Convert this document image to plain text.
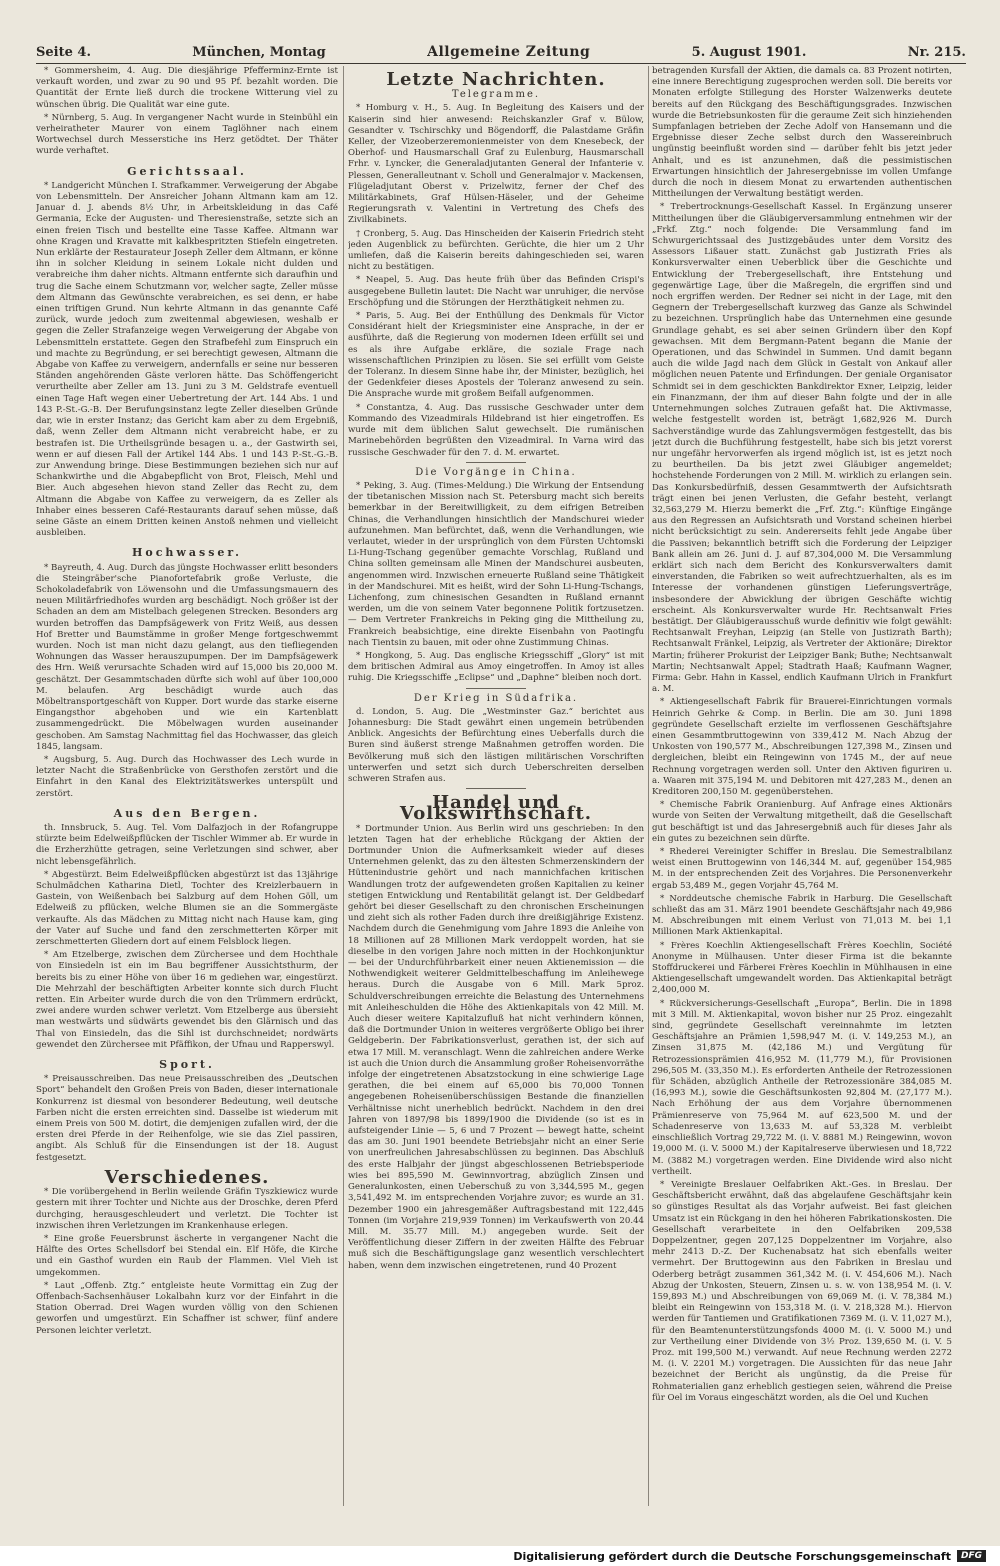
Seite 4.	München, Montag	Allgemeine Zeitung	5. August 1901.	Nr. 215.

* Gommersheim, 4. Aug. Die diesjährige Pfefferminz-Ernte ist verkauft worden, und zwar zu 90 und 95 Pf. bezahlt worden. Die Quantität der Ernte ließ durch die trockene Witterung viel zu wünschen übrig. Die Qualität war eine gute.

* Nürnberg, 5. Aug. In vergangener Nacht wurde in Steinbühl ein verheiratheter Maurer von einem Taglöhner nach einem Wortwechsel durch Messerstiche ins Herz getödtet. Der Thäter wurde verhaftet.

Gerichtssaal.

* Landgericht München I. Strafkammer. Verweigerung der Abgabe von Lebensmitteln. Der Ansreicher Johann Altmann kam am 12. Januar d. J. abends 8½ Uhr, in Arbeitskleidung in das Café Germania, Ecke der Augusten- und Theresienstraße, setzte sich an einen freien Tisch und bestellte eine Tasse Kaffee. Altmann war ohne Kragen und Kravatte mit kalkbespritzten Stiefeln eingetreten. Nun erklärte der Restaurateur Joseph Zeller dem Altmann, er könne ihn in solcher Kleidung in seinem Lokale nicht dulden und verabreiche ihm daher nichts. Altmann entfernte sich daraufhin und trug die Sache einem Schutzmann vor, welcher sagte, Zeller müsse dem Altmann das Gewünschte verabreichen, es sei denn, er habe einen triftigen Grund. Nun kehrte Altmann in das genannte Café zurück, wurde jedoch zum zweitenmal abgewiesen, weshalb er gegen die Zeller Strafanzeige wegen Verweigerung der Abgabe von Lebensmitteln erstattete. Gegen den Strafbefehl zum Einspruch ein und machte zu Begründung, er sei berechtigt gewesen, Altmann die Abgabe von Kaffee zu verweigern, andernfalls er seine nur besseren Ständen angehörenden Gäste verloren hätte. Das Schöffengericht verurtheilte aber Zeller am 13. Juni zu 3 M. Geldstrafe eventuell einen Tage Haft wegen einer Uebertretung der Art. 144 Abs. 1 und 143 P.-St.-G.-B. Der Berufungsinstanz legte Zeller dieselben Gründe dar, wie in erster Instanz; das Gericht kam aber zu dem Ergebniß, daß, wenn Zeller dem Altmann nicht verabreicht habe, er zu bestrafen ist. Die Urtheilsgründe besagen u. a., der Gastwirth sei, wenn er auf diesen Fall der Artikel 144 Abs. 1 und 143 P.-St.-G.-B. zur Anwendung bringe. Diese Bestimmungen beziehen sich nur auf Schankwirthe und die Abgabepflicht von Brot, Fleisch, Mehl und Bier. Auch abgesehen hievon stand Zeller das Recht zu, dem Altmann die Abgabe von Kaffee zu verweigern, da es Zeller als Inhaber eines besseren Café-Restaurants darauf sehen müsse, daß seine Gäste an einem Dritten keinen Anstoß nehmen und vielleicht ausbleiben.

Hochwasser.

* Bayreuth, 4. Aug. Durch das jüngste Hochwasser erlitt besonders die Steingräber'sche Pianofortefabrik große Verluste, die Schokoladefabrik von Löwensohn und die Umfassungsmauern des neuen Militärfriedhofes wurden arg beschädigt. Noch größer ist der Schaden an dem am Mistelbach gelegenen Strecken. Besonders arg wurden betroffen das Dampfsägewerk von Fritz Weiß, aus dessen Hof Bretter und Baumstämme in großer Menge fortgeschwemmt wurden. Noch ist man nicht dazu gelangt, aus den tiefliegenden Wohnungen das Wasser herauszupumpen. Der im Dampfsägewerk des Hrn. Weiß verursachte Schaden wird auf 15,000 bis 20,000 M. geschätzt. Der Gesammtschaden dürfte sich wohl auf über 100,000 M. belaufen. Arg beschädigt wurde auch das Möbeltransportgeschäft von Kupper. Dort wurde das starke eiserne Eingangsthor abgehoben und wie ein Kartenblatt zusammengedrückt. Die Möbelwagen wurden auseinander geschoben. Am Samstag Nachmittag fiel das Hochwasser, das gleich 1845, langsam.

* Augsburg, 5. Aug. Durch das Hochwasser des Lech wurde in letzter Nacht die Straßenbrücke von Gersthofen zerstört und die Einfahrt in den Kanal des Elektrizitätswerkes unterspült und zerstört.

Aus den Bergen.

th. Innsbruck, 5. Aug. Tel. Vom Dalfazjoch in der Rofangruppe stürzte beim Edelweißpflücken der Tischler Wimmer ab. Er wurde in die Erzherzhütte getragen, seine Verletzungen sind schwer, aber nicht lebensgefährlich.

* Abgestürzt. Beim Edelweißpflücken abgestürzt ist das 13jährige Schulmädchen Katharina Dietl, Tochter des Kreizlerbauern in Gastein, von Weißenbach bei Salzburg auf dem Hohen Göll, um Edelweiß zu pflücken, welche Blumen sie an die Sommergäste verkaufte. Als das Mädchen zu Mittag nicht nach Hause kam, ging der Vater auf Suche und fand den zerschmetterten Körper mit zerschmetterten Gliedern dort auf einem Felsblock liegen.

* Am Etzelberge, zwischen dem Zürchersee und dem Hochthale von Einsiedeln ist ein im Bau begriffener Aussichtsthurm, der bereits bis zu einer Höhe von über 16 m gediehen war, eingestürzt. Die Mehrzahl der beschäftigten Arbeiter konnte sich durch Flucht retten. Ein Arbeiter wurde durch die von den Trümmern erdrückt, zwei andere wurden schwer verletzt. Vom Etzelberge aus übersieht man westwärts und südwärts gewendet bis den Glärnisch und das Thal von Einsiedeln, das die Sihl ist durchschneidet; nordwärts gewendet den Zürchersee mit Pfäffikon, der Ufnau und Rapperswyl.

Sport.

* Preisausschreiben. Das neue Preisausschreiben des „Deutschen Sport“ behandelt den Großen Preis von Baden, dieser internationale Konkurrenz ist diesmal von besonderer Bedeutung, weil deutsche Farben nicht die ersten erreichten sind. Dasselbe ist wiederum mit einem Preis von 500 M. dotirt, die demjenigen zufallen wird, der die ersten drei Pferde in der Reihenfolge, wie sie das Ziel passiren, angibt. Als Schluß für die Einsendungen ist der 18. August festgesetzt.

Verschiedenes.

* Die vorübergehend in Berlin weilende Gräfin Tyszkiewicz wurde gestern mit ihrer Tochter und Nichte aus der Droschke, deren Pferd durchging, herausgeschleudert und verletzt. Die Tochter ist inzwischen ihren Verletzungen im Krankenhause erlegen.

* Eine große Feuersbrunst äscherte in vergangener Nacht die Hälfte des Ortes Schellsdorf bei Stendal ein. Elf Höfe, die Kirche und ein Gasthof wurden ein Raub der Flammen. Viel Vieh ist umgekommen.

* Laut „Offenb. Ztg.“ entgleiste heute Vormittag ein Zug der Offenbach-Sachsenhäuser Lokalbahn kurz vor der Einfahrt in die Station Oberrad. Drei Wagen wurden völlig von den Schienen geworfen und umgestürzt. Ein Schaffner ist schwer, fünf andere Personen leichter verletzt.

Letzte Nachrichten.
Telegramme.

* Homburg v. H., 5. Aug. In Begleitung des Kaisers und der Kaiserin sind hier anwesend: Reichskanzler Graf v. Bülow, Gesandter v. Tschirschky und Bögendorff, die Palastdame Gräfin Keller, der Vizeoberzeremonienmeister von dem Knesebeck, der Oberhof- und Hausmarschall Graf zu Eulenburg, Hausmarschall Frhr. v. Lyncker, die Generaladjutanten General der Infanterie v. Plessen, Generalleutnant v. Scholl und Generalmajor v. Mackensen, Flügeladjutant Oberst v. Prizelwitz, ferner der Chef des Militärkabinets, Graf Hülsen-Häseler, und der Geheime Regierungsrath v. Valentini in Vertretung des Chefs des Zivilkabinets.

† Cronberg, 5. Aug. Das Hinscheiden der Kaiserin Friedrich steht jeden Augenblick zu befürchten. Gerüchte, die hier um 2 Uhr umliefen, daß die Kaiserin bereits dahingeschieden sei, waren nicht zu bestätigen.

* Neapel, 5. Aug. Das heute früh über das Befinden Crispi's ausgegebene Bulletin lautet: Die Nacht war unruhiger, die nervöse Erschöpfung und die Störungen der Herzthätigkeit nehmen zu.

* Paris, 5. Aug. Bei der Enthüllung des Denkmals für Victor Considérant hielt der Kriegsminister eine Ansprache, in der er ausführte, daß die Regierung von modernen Ideen erfüllt sei und es als ihre Aufgabe erkläre, die soziale Frage nach wissenschaftlichen Prinzipien zu lösen. Sie sei erfüllt vom Geiste der Toleranz. In diesem Sinne habe ihr, der Minister, bezüglich, hei der Gedenkfeier dieses Apostels der Toleranz anwesend zu sein. Die Ansprache wurde mit großem Beifall aufgenommen.

* Constantza, 4. Aug. Das russische Geschwader unter dem Kommando des Vizeadmirals Hildebrand ist hier eingetroffen. Es wurde mit dem üblichen Salut gewechselt. Die rumänischen Marinebehörden begrüßten den Vizeadmiral. In Varna wird das russische Geschwader für den 7. d. M. erwartet.

Die Vorgänge in China.

* Peking, 3. Aug. (Times-Meldung.) Die Wirkung der Entsendung der tibetanischen Mission nach St. Petersburg macht sich bereits bemerkbar in der Bereitwilligkeit, zu dem eifrigen Betreiben Chinas, die Verhandlungen hinsichtlich der Mandschurei wieder aufzunehmen. Man befürchtet, daß, wenn die Verhandlungen, wie verlautet, wieder in der ursprünglich von dem Fürsten Uchtomski Li-Hung-Tschang gegenüber gemachte Vorschlag, Rußland und China sollten gemeinsam alle Minen der Mandschurei ausbeuten, angenommen wird. Inzwischen erneuerte Rußland seine Thätigkeit in der Mandschurei. Mit es heißt, wird der Sohn Li-Hung-Tschangs, Lichenfong, zum chinesischen Gesandten in Rußland ernannt werden, um die von seinem Vater begonnene Politik fortzusetzen. — Dem Vertreter Frankreichs in Peking ging die Mittheilung zu, Frankreich beabsichtige, eine direkte Eisenbahn von Paotingfu nach Tientsin zu bauen, mit oder ohne Zustimmung Chinas.

* Hongkong, 5. Aug. Das englische Kriegsschiff „Glory“ ist mit dem britischen Admiral aus Amoy eingetroffen. In Amoy ist alles ruhig. Die Kriegsschiffe „Eclipse“ und „Daphne“ bleiben noch dort.

Der Krieg in Südafrika.

d. London, 5. Aug. Die „Westminster Gaz.“ berichtet aus Johannesburg: Die Stadt gewährt einen ungemein betrübenden Anblick. Angesichts der Befürchtung eines Ueberfalls durch die Buren sind äußerst strenge Maßnahmen getroffen worden. Die Bevölkerung muß sich den lästigen militärischen Vorschriften unterwerfen und setzt sich durch Ueberschreiten derselben schweren Strafen aus.

Handel und Volkswirthschaft.

* Dortmunder Union. Aus Berlin wird uns geschrieben: In den letzten Tagen hat der erhebliche Rückgang der Aktien der Dortmunder Union die Aufmerksamkeit wieder auf dieses Unternehmen gelenkt, das zu den ältesten Schmerzenskindern der Hüttenindustrie gehört und nach mannichfachen kritischen Wandlungen trotz der aufgewendeten großen Kapitalien zu keiner stetigen Entwicklung und Rentabilität gelangt ist. Der Geldbedarf gehört bei dieser Gesellschaft zu den chronischen Erscheinungen und zieht sich als rother Faden durch ihre dreißigjährige Existenz. Nachdem durch die Genehmigung vom Jahre 1893 die Anleihe von 18 Millionen auf 28 Millionen Mark verdoppelt worden, hat sie dieselbe in den vorigen Jahre noch mitten in der Hochkonjunktur — bei der Undurchführbarkeit einer neuen Aktienemission — die Nothwendigkeit weiterer Geldmittelbeschaffung im Anleihewege heraus. Durch die Ausgabe von 6 Mill. Mark 5proz. Schuldverschreibungen erreichte die Belastung des Unternehmens mit Anleiheschulden die Höhe des Aktienkapitals von 42 Mill. M. Auch dieser weitere Kapitalzufluß hat nicht verhindern können, daß die Dortmunder Union in weiteres vergrößerte Obligo bei ihrer Geldgeberin. Der Fabrikationsverlust, gerathen ist, der sich auf etwa 17 Mill. M. veranschlagt. Wenn die zahlreichen andere Werke ist auch die Union durch die Ansammlung großer Roheisenvorräthe infolge der eingetretenen Absatzstockung in eine schwierige Lage gerathen, die bei einem auf 65,000 bis 70,000 Tonnen angegebenen Roheisenüberschüssigen Bestande die finanziellen Verhältnisse nicht unerheblich bedrückt. Nachdem in den drei Jahren von 1897/98 bis 1899/1900 die Dividende (so ist es in aufsteigender Linie — 5, 6 und 7 Prozent — bewegt hatte, scheint das am 30. Juni 1901 beendete Betriebsjahr nicht an einer Serie von unerfreulichen Jahresabschlüssen zu beginnen. Das Abschluß des erste Halbjahr der jüngst abgeschlossenen Betriebsperiode wies bei 895,590 M. Gewinnvortrag, abzüglich Zinsen und Generalunkosten, einen Ueberschuß zu von 3,344,595 M., gegen 3,541,492 M. im entsprechenden Vorjahre zuvor; es wurde an 31. Dezember 1900 ein jahresgemäßer Auftragsbestand mit 122,445 Tonnen (im Vorjahre 219,939 Tonnen) im Verkaufswerth von 20.44 Mill. M. 35.77 Mill. M.) angegeben wurde. Seit der Veröffentlichung dieser Ziffern in der zweiten Hälfte des Februar muß sich die Beschäftigungslage ganz wesentlich verschlechtert haben, wenn dem inzwischen eingetretenen, rund 40 Prozent

betragenden Kursfall der Aktien, die damals ca. 83 Prozent notirten, eine innere Berechtigung zugesprochen werden soll. Die bereits vor Monaten erfolgte Stillegung des Horster Walzenwerks deutete bereits auf den Rückgang des Beschäftigungsgrades. Inzwischen wurde die Betriebsunkosten für die geraume Zeit sich hinziehenden Sumpfanlagen betrieben der Zeche Adolf von Hansemann und die Ergebnisse dieser Zeche selbst durch den Wassereinbruch ungünstig beeinflußt worden sind — darüber fehlt bis jetzt jeder Anhalt, und es ist anzunehmen, daß die pessimistischen Erwartungen hinsichtlich der Jahresergebnisse im vollen Umfange durch die noch in diesem Monat zu erwartenden authentischen Mittheilungen der Verwaltung bestätigt werden.

* Trebertrocknungs-Gesellschaft Kassel. In Ergänzung unserer Mittheilungen über die Gläubigerversammlung entnehmen wir der „Frkf. Ztg.“ noch folgende: Die Versammlung fand im Schwurgerichtssaal des Justizgebäudes unter dem Vorsitz des Assessors Lißauer statt. Zunächst gab Justizrath Fries als Konkursverwalter einen Ueberblick über die Geschichte und Entwicklung der Trebergesellschaft, ihre Entstehung und gegenwärtige Lage, über die Maßregeln, die ergriffen sind und noch ergriffen werden. Der Redner sei nicht in der Lage, mit den Gegnern der Trebergesellschaft kurzweg das Ganze als Schwindel zu bezeichnen. Ursprünglich habe das Unternehmen eine gesunde Grundlage gehabt, es sei aber seinen Gründern über den Kopf gewachsen. Mit dem Bergmann-Patent begann die Manie der Operationen, und das Schwindel in Summen. Und damit begann auch die wilde Jagd nach dem Glück in Gestalt von Ankauf aller möglichen neuen Patente und Erfindungen. Der geniale Organisator Schmidt sei in dem geschickten Bankdirektor Exner, Leipzig, leider ein Finanzmann, der ihm auf dieser Bahn folgte und der in alle Unternehmungen solches Zutrauen gefaßt hat. Die Aktivmasse, welche festgestellt worden ist, beträgt 1,682,926 M. Durch Sachverständige wurde das Zahlungsvermögen festgestellt, das bis jetzt durch die Buchführung festgestellt, habe sich bis jetzt vorerst nur ungefähr hervorwerfen als irgend möglich ist, ist es jetzt noch zu beurtheilen. Da bis jetzt zwei Gläubiger angemeldet; hochstehende Forderungen von 2 Mill. M. wirklich zu erlangen sein. Das Konkursbedürfniß, dessen Gesammtwerth der Aufsichtsrath trägt einen bei jenen Verlusten, die Gefahr besteht, verlangt 32,563,279 M. Hierzu bemerkt die „Frf. Ztg.“: Künftige Eingänge aus den Regressen an Aufsichtsrath und Vorstand scheinen hierbei nicht berücksichtigt zu sein. Andererseits fehlt jede Angabe über die Passiven; bekanntlich betrifft sich die Forderung der Leipziger Bank allein am 26. Juni d. J. auf 87,304,000 M. Die Versammlung erklärt sich nach dem Bericht des Konkursverwalters damit einverstanden, die Fabriken so weit aufrechtzuerhalten, als es im Interesse der vorhandenen günstigen Lieferungsverträge, insbesondere der Abwicklung der übrigen Geschäfte wichtig erscheint. Als Konkursverwalter wurde Hr. Rechtsanwalt Fries bestätigt. Der Gläubigerausschuß wurde definitiv wie folgt gewählt: Rechtsanwalt Freyhan, Leipzig (an Stelle von Justizrath Barth); Rechtsanwalt Fränkel, Leipzig, als Vertreter der Aktionäre; Direktor Martin; früherer Prokurist der Leipziger Bank; Buthe; Nechtsanwalt Martin; Nechtsanwalt Appel; Stadtrath Haaß; Kaufmann Wagner, Firma: Gebr. Hahn in Kassel, endlich Kaufmann Ulrich in Frankfurt a. M.

* Aktiengesellschaft Fabrik für Brauerei-Einrichtungen vormals Heinrich Gehrke & Comp. in Berlin. Die am 30. Juni 1898 gegründete Gesellschaft erzielte im verflossenen Geschäftsjahre einen Gesammtbruttogewinn von 339,412 M. Nach Abzug der Unkosten von 190,577 M., Abschreibungen 127,398 M., Zinsen und dergleichen, bleibt ein Reingewinn von 1745 M., der auf neue Rechnung vorgetragen werden soll. Unter den Aktiven figuriren u. a. Waaren mit 375,194 M. und Debitoren mit 427,283 M., denen an Kreditoren 200,150 M. gegenüberstehen.

* Chemische Fabrik Oranienburg. Auf Anfrage eines Aktionärs wurde von Seiten der Verwaltung mitgetheilt, daß die Gesellschaft gut beschäftigt ist und das Jahresergebniß auch für dieses Jahr als ein gutes zu bezeichnen sein dürfte.

* Rhederei Vereinigter Schiffer in Breslau. Die Semestralbilanz weist einen Bruttogewinn von 146,344 M. auf, gegenüber 154,985 M. in der entsprechenden Zeit des Vorjahres. Die Personenverkehr ergab 53,489 M., gegen Vorjahr 45,764 M.

* Norddeutsche chemische Fabrik in Harburg. Die Gesellschaft schließt das am 31. März 1901 beendete Geschäftsjahr nach 49,986 M. Abschreibungen mit einem Verlust von 71,013 M. bei 1,1 Millionen Mark Aktienkapital.

* Frères Koechlin Aktiengesellschaft Frères Koechlin, Société Anonyme in Mülhausen. Unter dieser Firma ist die bekannte Stoffdruckerei und Färberei Frères Koechlin in Mühlhausen in eine Aktiengesellschaft umgewandelt worden. Das Aktienkapital beträgt 2,400,000 M.

* Rückversicherungs-Gesellschaft „Europa“, Berlin. Die in 1898 mit 3 Mill. M. Aktienkapital, wovon bisher nur 25 Proz. eingezahlt sind, gegründete Gesellschaft vereinnahmte im letzten Geschäftsjahre an Prämien 1,598,947 M. (i. V. 149,253 M.), an Zinsen 31,875 M. (42,186 M.) und Vergütung für Retrozessionsprämien 416,952 M. (11,779 M.), für Provisionen 296,505 M. (33,350 M.). Es erforderten Antheile der Retrozessionen für Schäden, abzüglich Antheile der Retrozessionäre 384,085 M. (16,993 M.), sowie die Geschäftsunkosten 92,804 M. (27,177 M.). Nach Erhöhung der aus dem Vorjahre übernommenen Prämienreserve von 75,964 M. auf 623,500 M. und der Schadenreserve von 13,633 M. auf 53,328 M. verbleibt einschließlich Vortrag 29,722 M. (i. V. 8881 M.) Reingewinn, wovon 19,000 M. (i. V. 5000 M.) der Kapitalreserve überwiesen und 18,722 M. (3882 M.) vorgetragen werden. Eine Dividende wird also nicht vertheilt.

* Vereinigte Breslauer Oelfabriken Akt.-Ges. in Breslau. Der Geschäftsbericht erwähnt, daß das abgelaufene Geschäftsjahr kein so günstiges Resultat als das Vorjahr aufweist. Bei fast gleichen Umsatz ist ein Rückgang in den hei höheren Fabrikationskosten. Die Gesellschaft verarbeitete in den Oelfabriken 209,538 Doppelzentner, gegen 207,125 Doppelzentner im Vorjahre, also mehr 2413 D.-Z. Der Kuchenabsatz hat sich ebenfalls weiter vermehrt. Der Bruttogewinn aus den Fabriken in Breslau und Oderberg beträgt zusammen 361,342 M. (i. V. 454,606 M.). Nach Abzug der Unkosten, Steuern, Zinsen u. s. w. von 138,954 M. (i. V. 159,893 M.) und Abschreibungen von 69,069 M. (i. V. 78,384 M.) bleibt ein Reingewinn von 153,318 M. (i. V. 218,328 M.). Hiervon werden für Tantiemen und Gratifikationen 7369 M. (i. V. 11,027 M.), für den Beamtenunterstützungsfonds 4000 M. (i. V. 5000 M.) und zur Vertheilung einer Dividende von 3½ Proz. 139,650 M. (i. V. 5 Proz. mit 199,500 M.) verwandt. Auf neue Rechnung werden 2272 M. (i. V. 2201 M.) vorgetragen. Die Aussichten für das neue Jahr bezeichnet der Bericht als ungünstig, da die Preise für Rohmaterialien ganz erheblich gestiegen seien, während die Preise für Oel im Voraus eingeschätzt worden, als die Oel und Kuchen

Digitalisierung gefördert durch die Deutsche Forschungsgemeinschaft	DFG
